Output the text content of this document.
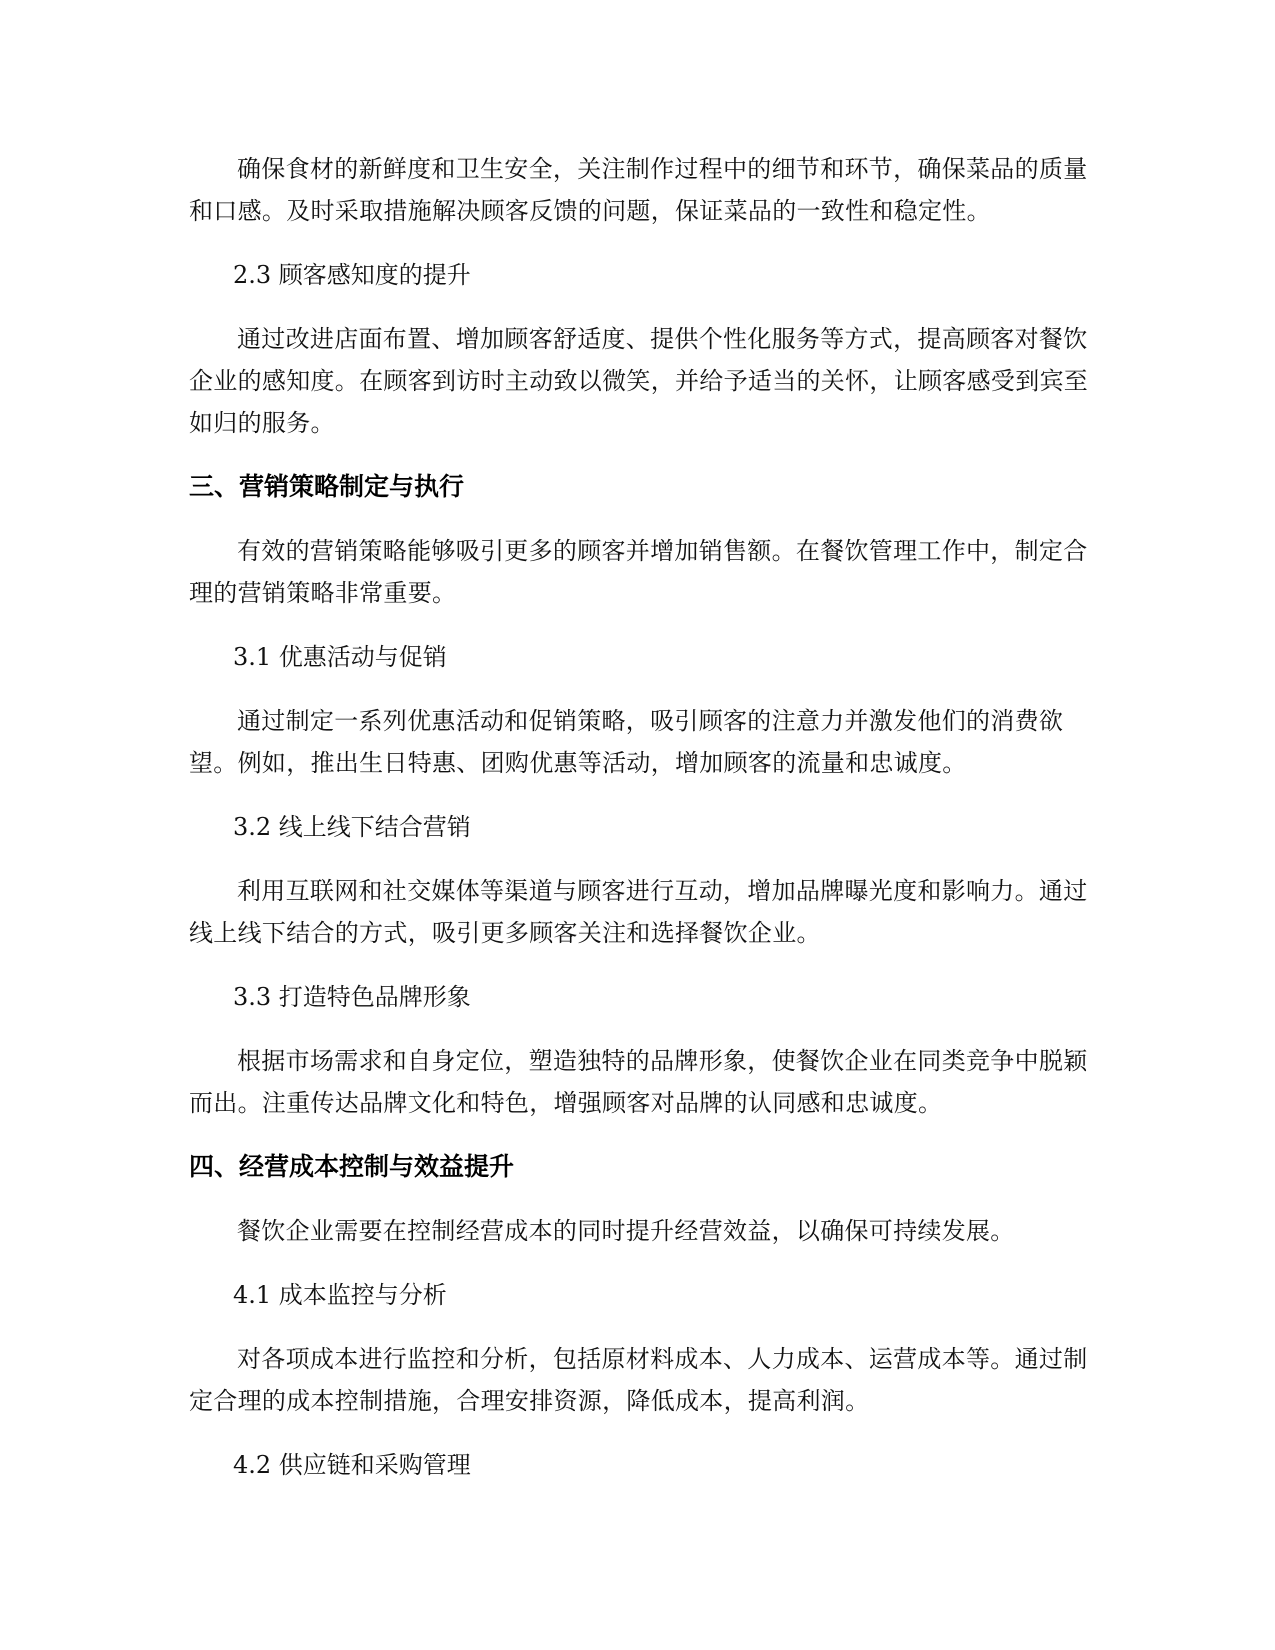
确保食材的新鲜度和卫生安全，关注制作过程中的细节和环节，确保菜品的质量和口感。及时采取措施解决顾客反馈的问题，保证菜品的一致性和稳定性。

2.3 顾客感知度的提升

通过改进店面布置、增加顾客舒适度、提供个性化服务等方式，提高顾客对餐饮企业的感知度。在顾客到访时主动致以微笑，并给予适当的关怀，让顾客感受到宾至如归的服务。

三、营销策略制定与执行

有效的营销策略能够吸引更多的顾客并增加销售额。在餐饮管理工作中，制定合理的营销策略非常重要。

3.1 优惠活动与促销

通过制定一系列优惠活动和促销策略，吸引顾客的注意力并激发他们的消费欲望。例如，推出生日特惠、团购优惠等活动，增加顾客的流量和忠诚度。

3.2 线上线下结合营销

利用互联网和社交媒体等渠道与顾客进行互动，增加品牌曝光度和影响力。通过线上线下结合的方式，吸引更多顾客关注和选择餐饮企业。

3.3 打造特色品牌形象

根据市场需求和自身定位，塑造独特的品牌形象，使餐饮企业在同类竞争中脱颖而出。注重传达品牌文化和特色，增强顾客对品牌的认同感和忠诚度。

四、经营成本控制与效益提升

餐饮企业需要在控制经营成本的同时提升经营效益，以确保可持续发展。

4.1 成本监控与分析

对各项成本进行监控和分析，包括原材料成本、人力成本、运营成本等。通过制定合理的成本控制措施，合理安排资源，降低成本，提高利润。

4.2 供应链和采购管理
